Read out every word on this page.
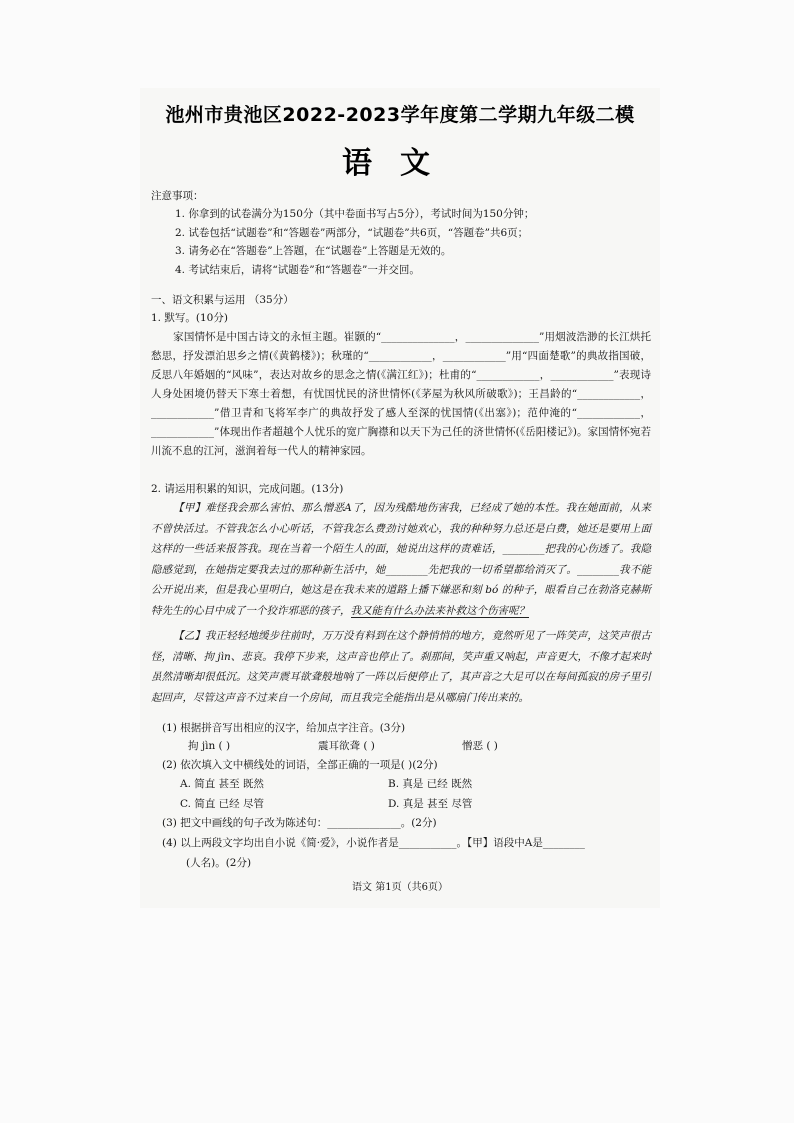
池州市贵池区2022-2023学年度第二学期九年级二模
语文
注意事项：
1. 你拿到的试卷满分为150分（其中卷面书写占5分），考试时间为150分钟；
2. 试卷包括“试题卷”和“答题卷”两部分，“试题卷”共6页，“答题卷”共6页；
3. 请务必在“答题卷”上答题，在“试题卷”上答题是无效的。
4. 考试结束后，请将“试题卷”和“答题卷”一并交回。
一、语文积累与运用 （35分）
1. 默写。(10分)
家国情怀是中国古诗文的永恒主题。崔颢的“______________，______________”用烟波浩渺的长江烘托愁思，抒发漂泊思乡之情(《黄鹤楼》)；秋瑾的“____________，____________”用“四面楚歌”的典故指国破，反思八年婚姻的“风味”，表达对故乡的思念之情(《满江红》)；杜甫的“____________，____________”表现诗人身处困境仍替天下寒士着想，有忧国忧民的济世情怀(《茅屋为秋风所破歌》)；王昌龄的“____________，____________”借卫青和飞将军李广的典故抒发了感人至深的忧国情(《出塞》)；范仲淹的“____________，____________”体现出作者超越个人忧乐的宽广胸襟和以天下为己任的济世情怀(《岳阳楼记》)。家国情怀宛若川流不息的江河，滋润着每一代人的精神家园。
2. 请运用积累的知识，完成问题。(13分)
【甲】难怪我会那么害怕、那么憎恶A了，因为残酷地伤害我，已经成了她的本性。我在她面前，从来不曾快活过。不管我怎么小心听话，不管我怎么费劲讨她欢心，我的种种努力总还是白费，她还是要用上面这样的一些话来报答我。现在当着一个陌生人的面，她说出这样的责难话，________把我的心伤透了。我隐隐感觉到，在她指定要我去过的那种新生活中，她________先把我的一切希望都给消灭了。________我不能公开说出来，但是我心里明白，她这是在我未来的道路上播下嫌恶和刻 bó 的种子，眼看自己在勃洛克赫斯特先生的心目中成了一个狡诈邪恶的孩子，我又能有什么办法来补救这个伤害呢？
【乙】我正轻轻地缓步往前时，万万没有料到在这个静悄悄的地方，竟然听见了一阵笑声，这笑声很古怪，清晰、拘 jìn、悲哀。我停下步来，这声音也停止了。刹那间，笑声重又响起，声音更大，不像才起来时虽然清晰却很低沉。这笑声震耳欲聋般地响了一阵以后便停止了，其声音之大足可以在每间孤寂的房子里引起回声，尽管这声音不过来自一个房间，而且我完全能指出是从哪扇门传出来的。
(1) 根据拼音写出相应的汉字，给加点字注音。(3分)
拘 jìn ( )	震耳欲聋 ( )	憎恶 ( )
(2) 依次填入文中横线处的词语，全部正确的一项是( )(2分)
A. 简直 甚至 既然	B. 真是 已经 既然
C. 简直 已经 尽管	D. 真是 甚至 尽管
(3) 把文中画线的句子改为陈述句：______________。(2分)
(4) 以上两段文字均出自小说《简·爱》，小说作者是___________。【甲】语段中A是________
(人名)。(2分)
语文 第1页（共6页）
